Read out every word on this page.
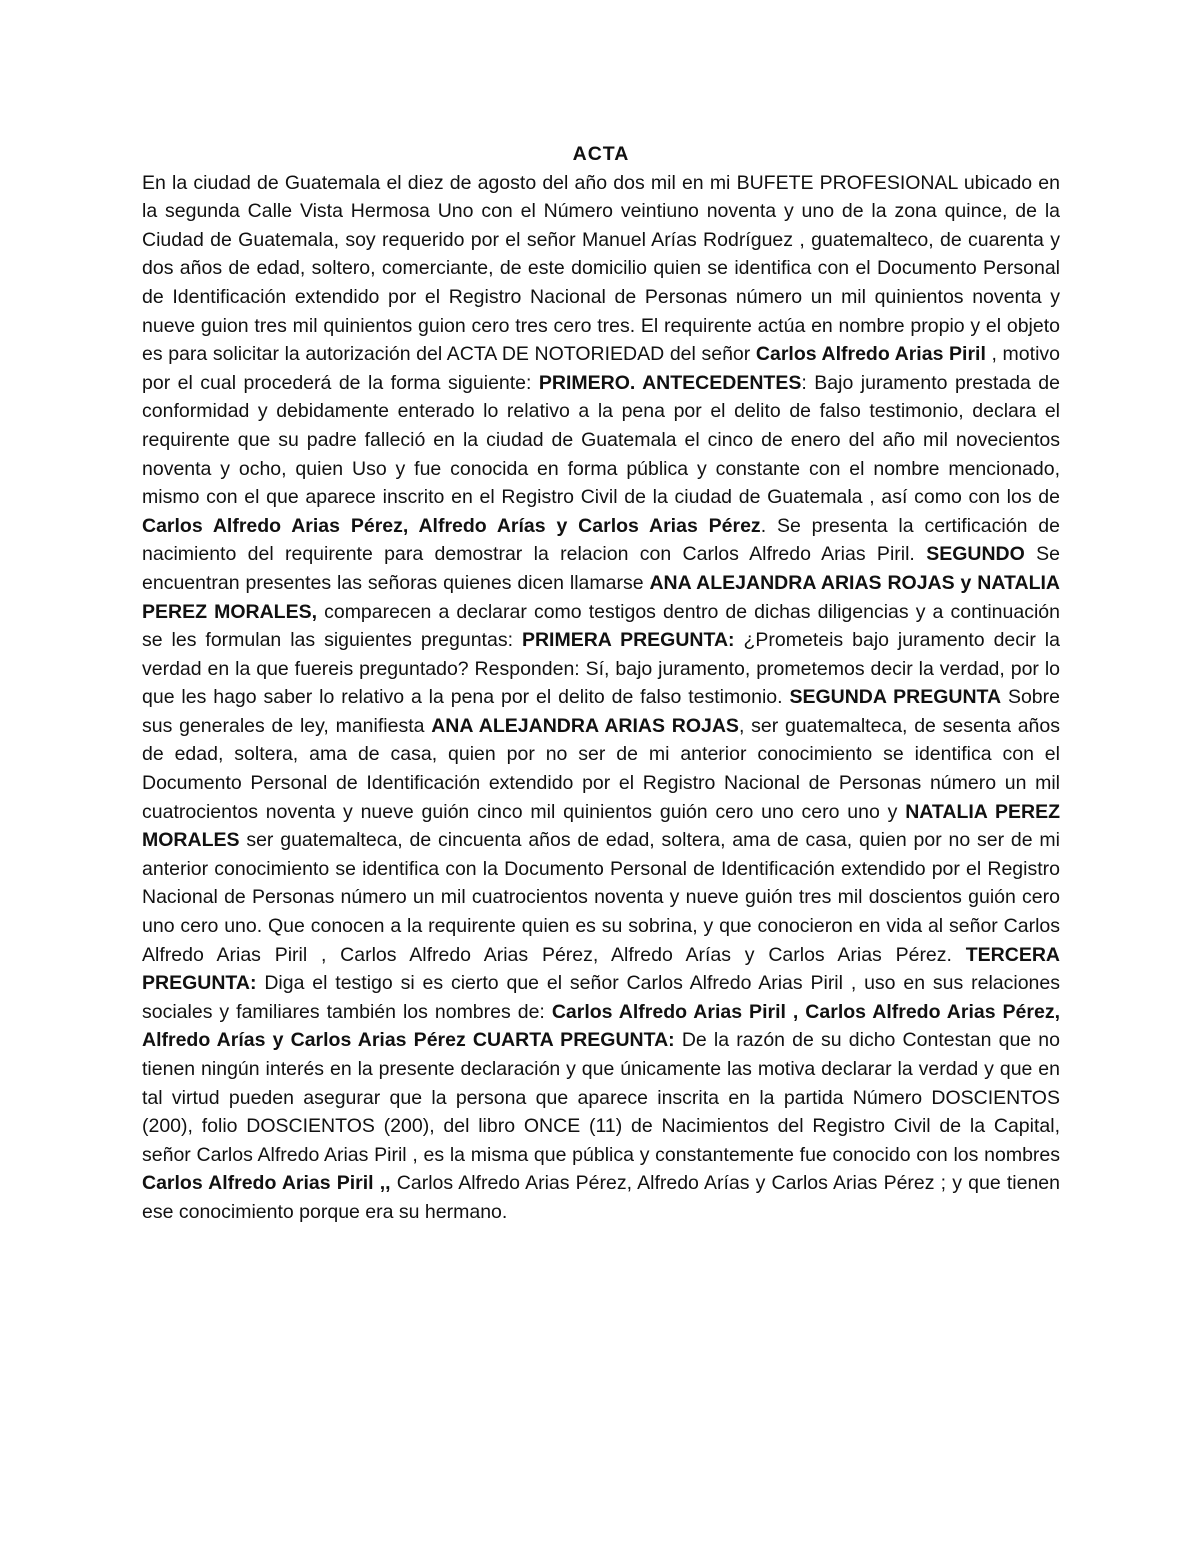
ACTA

En la ciudad de Guatemala el diez de agosto del año dos mil en mi BUFETE PROFESIONAL ubicado en la segunda Calle Vista Hermosa Uno con el Número veintiuno noventa y uno de la zona quince, de la Ciudad de Guatemala, soy requerido por el señor Manuel Arías Rodríguez , guatemalteco, de cuarenta y dos años de edad, soltero, comerciante, de este domicilio quien se identifica con el Documento Personal de Identificación extendido por el Registro Nacional de Personas número un mil quinientos noventa y nueve guion tres mil quinientos guion cero tres cero tres. El requirente actúa en nombre propio y el objeto es para solicitar la autorización del ACTA DE NOTORIEDAD del señor Carlos Alfredo Arias Piril , motivo por el cual procederá de la forma siguiente: PRIMERO. ANTECEDENTES: Bajo juramento prestada de conformidad y debidamente enterado lo relativo a la pena por el delito de falso testimonio, declara el requirente que su padre falleció en la ciudad de Guatemala el cinco de enero del año mil novecientos noventa y ocho, quien Uso y fue conocida en forma pública y constante con el nombre mencionado, mismo con el que aparece inscrito en el Registro Civil de la ciudad de Guatemala , así como con los de Carlos Alfredo Arias Pérez, Alfredo Arías y Carlos Arias Pérez. Se presenta la certificación de nacimiento del requirente para demostrar la relacion con Carlos Alfredo Arias Piril. SEGUNDO Se encuentran presentes las señoras quienes dicen llamarse ANA ALEJANDRA ARIAS ROJAS y NATALIA PEREZ MORALES, comparecen a declarar como testigos dentro de dichas diligencias y a continuación se les formulan las siguientes preguntas: PRIMERA PREGUNTA: ¿Prometeis bajo juramento decir la verdad en la que fuereis preguntado? Responden: Sí, bajo juramento, prometemos decir la verdad, por lo que les hago saber lo relativo a la pena por el delito de falso testimonio. SEGUNDA PREGUNTA Sobre sus generales de ley, manifiesta ANA ALEJANDRA ARIAS ROJAS, ser guatemalteca, de sesenta años de edad, soltera, ama de casa, quien por no ser de mi anterior conocimiento se identifica con el Documento Personal de Identificación extendido por el Registro Nacional de Personas número un mil cuatrocientos noventa y nueve guión cinco mil quinientos guión cero uno cero uno y NATALIA PEREZ MORALES ser guatemalteca, de cincuenta años de edad, soltera, ama de casa, quien por no ser de mi anterior conocimiento se identifica con la Documento Personal de Identificación extendido por el Registro Nacional de Personas número un mil cuatrocientos noventa y nueve guión tres mil doscientos guión cero uno cero uno. Que conocen a la requirente quien es su sobrina, y que conocieron en vida al señor Carlos Alfredo Arias Piril , Carlos Alfredo Arias Pérez, Alfredo Arías y Carlos Arias Pérez. TERCERA PREGUNTA: Diga el testigo si es cierto que el señor Carlos Alfredo Arias Piril , uso en sus relaciones sociales y familiares también los nombres de: Carlos Alfredo Arias Piril , Carlos Alfredo Arias Pérez, Alfredo Arías y Carlos Arias Pérez CUARTA PREGUNTA: De la razón de su dicho Contestan que no tienen ningún interés en la presente declaración y que únicamente las motiva declarar la verdad y que en tal virtud pueden asegurar que la persona que aparece inscrita en la partida Número DOSCIENTOS (200), folio DOSCIENTOS (200), del libro ONCE (11) de Nacimientos del Registro Civil de la Capital, señor Carlos Alfredo Arias Piril , es la misma que pública y constantemente fue conocido con los nombres Carlos Alfredo Arias Piril ,, Carlos Alfredo Arias Pérez, Alfredo Arías y Carlos Arias Pérez ; y que tienen ese conocimiento porque era su hermano.
